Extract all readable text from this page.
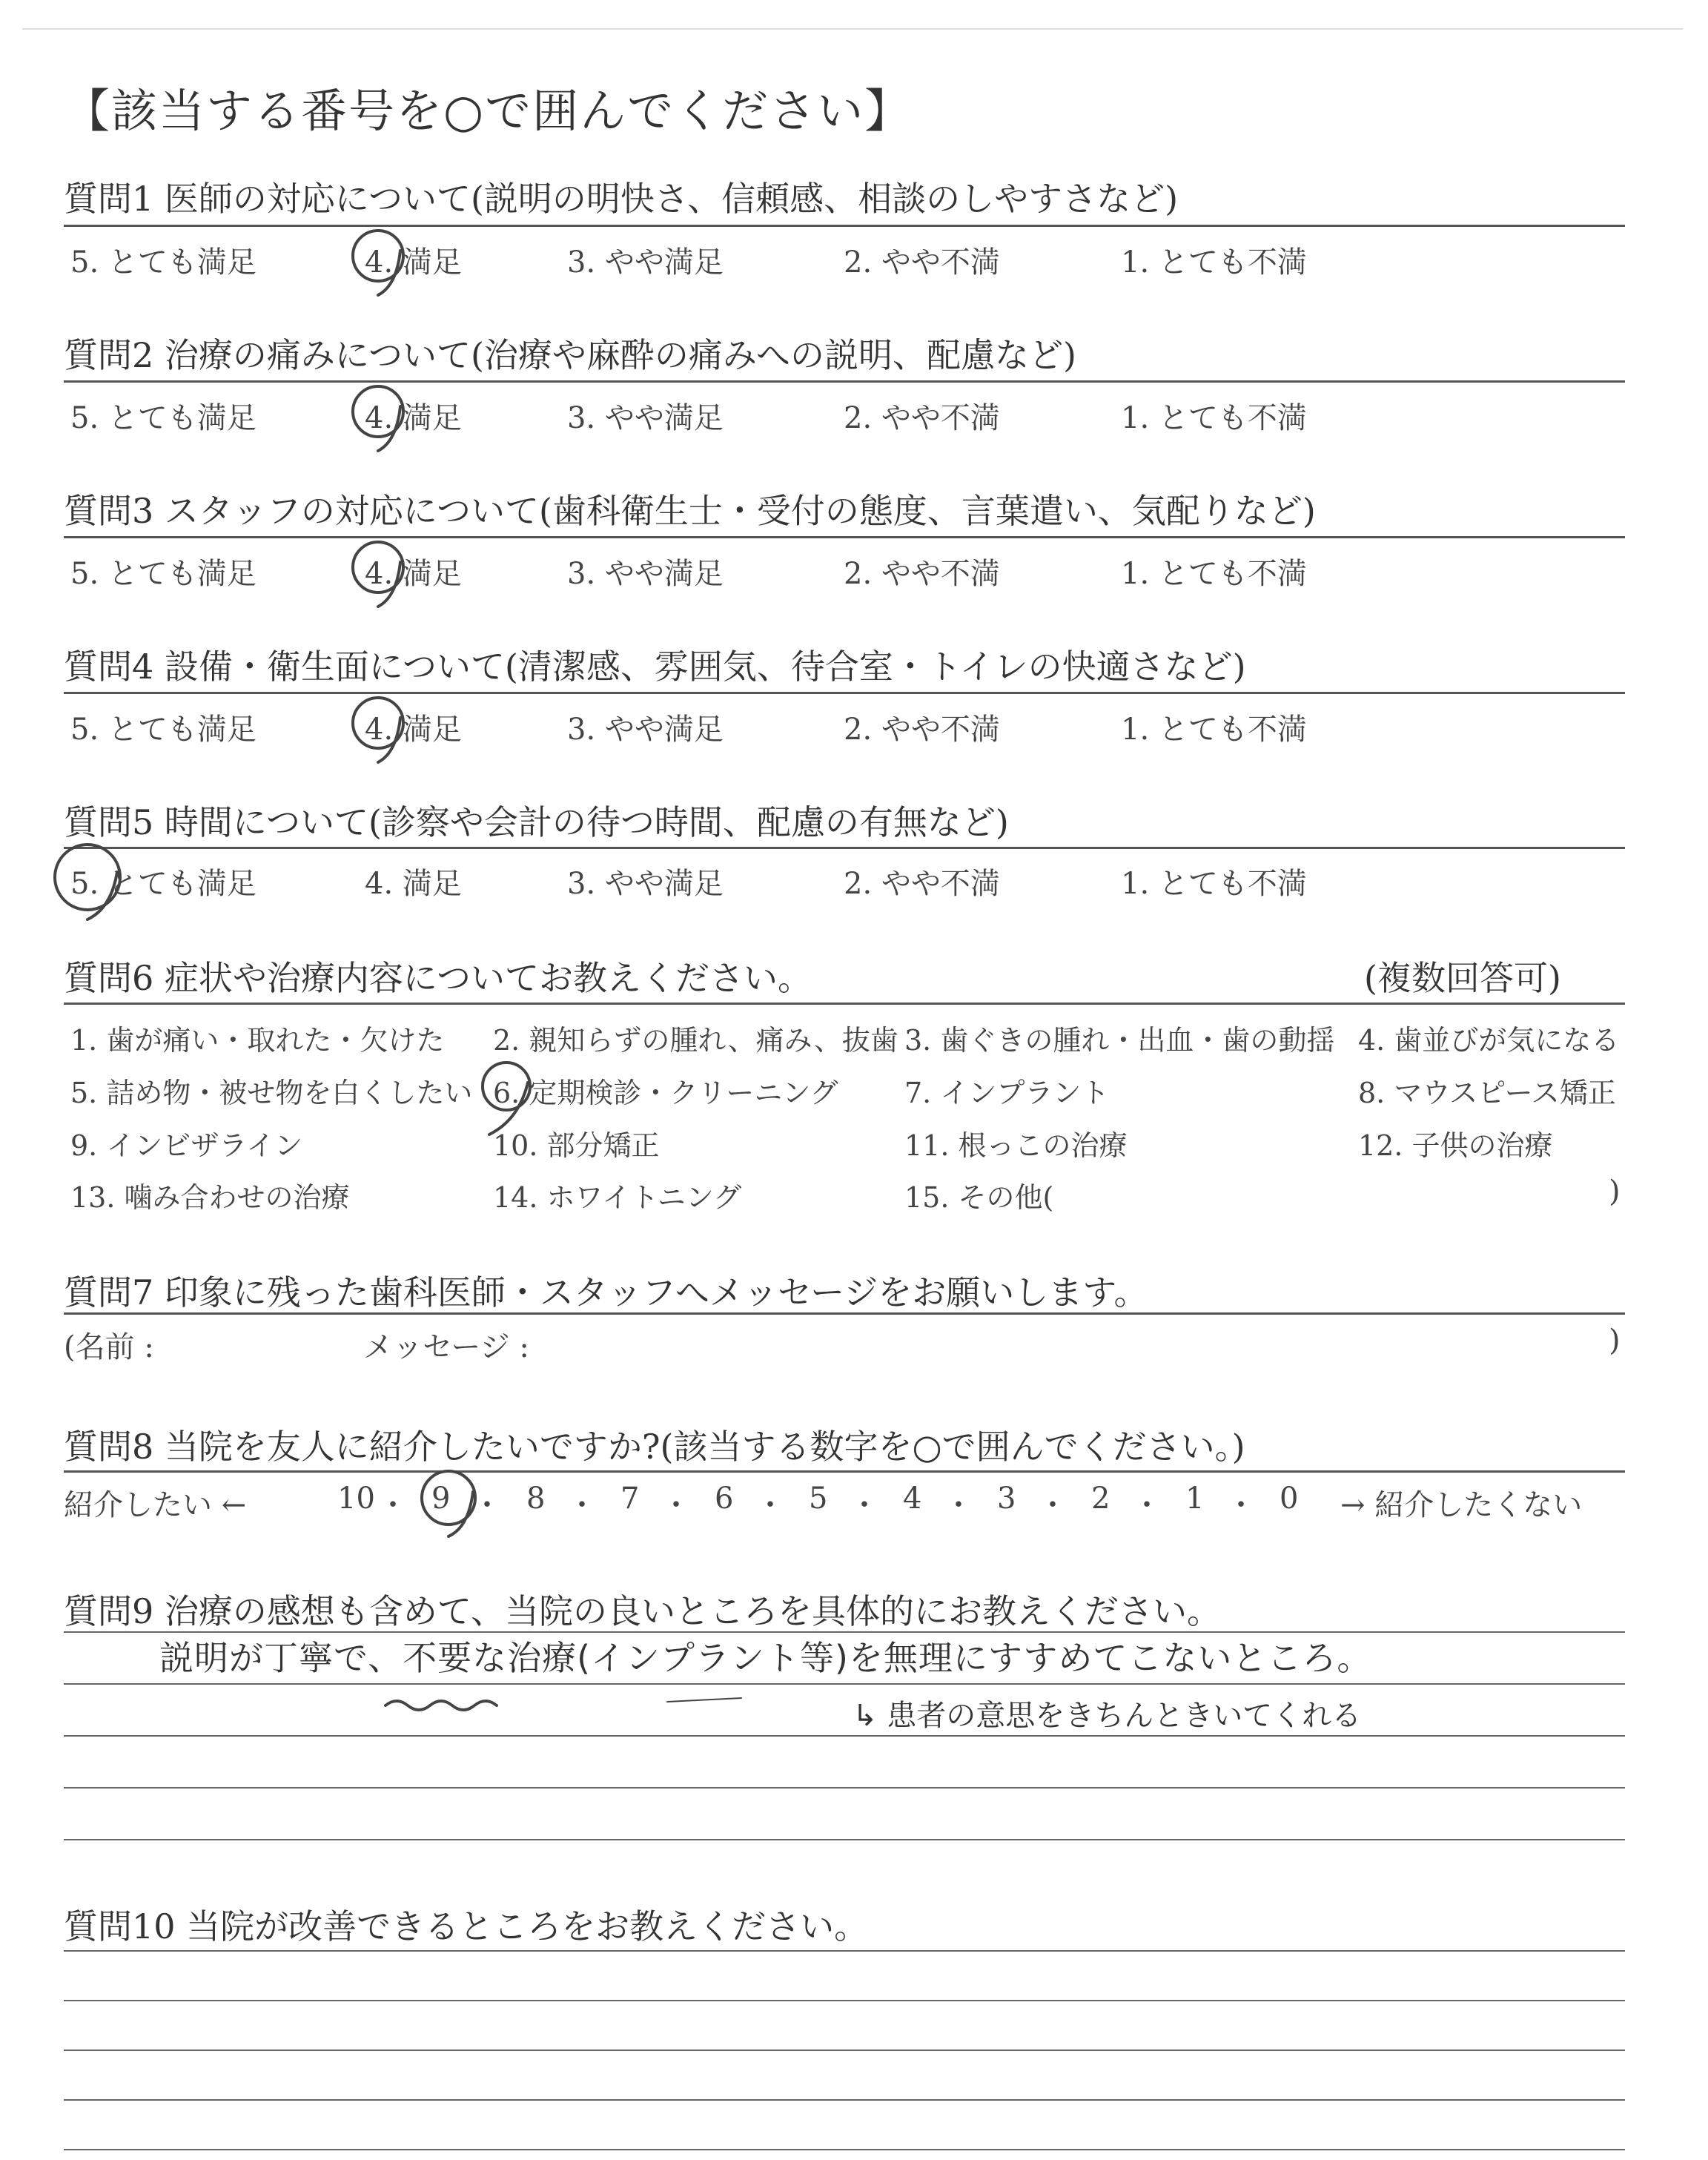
【該当する番号を○で囲んでください】
質問1 医師の対応について(説明の明快さ、信頼感、相談のしやすさなど)
5. とても満足	4. 満足	3. やや満足	2. やや不満	1. とても不満
質問2 治療の痛みについて(治療や麻酔の痛みへの説明、配慮など)
5. とても満足	4. 満足	3. やや満足	2. やや不満	1. とても不満
質問3 スタッフの対応について(歯科衛生士・受付の態度、言葉遣い、気配りなど)
5. とても満足	4. 満足	3. やや満足	2. やや不満	1. とても不満
質問4 設備・衛生面について(清潔感、雰囲気、待合室・トイレの快適さなど)
5. とても満足	4. 満足	3. やや満足	2. やや不満	1. とても不満
質問5 時間について(診察や会計の待つ時間、配慮の有無など)
5. とても満足	4. 満足	3. やや満足	2. やや不満	1. とても不満
質問6 症状や治療内容についてお教えください。	(複数回答可)
1. 歯が痛い・取れた・欠けた 2. 親知らずの腫れ、痛み、抜歯 3. 歯ぐきの腫れ・出血・歯の動揺 4. 歯並びが気になる
5. 詰め物・被せ物を白くしたい 6. 定期検診・クリーニング 7. インプラント	8. マウスピース矯正
9. インビザライン	10. 部分矯正	11. 根っこの治療	12. 子供の治療
13. 噛み合わせの治療	14. ホワイトニング	15. その他(	)
質問7 印象に残った歯科医師・スタッフへメッセージをお願いします。
(名前 :	メッセージ :	)
質問8 当院を友人に紹介したいですか?(該当する数字を○で囲んでください。)
紹介したい ←	→ 紹介したくない
10 ・ 9 ・ 8 ・ 7 ・ 6 ・ 5 ・ 4 ・ 3 ・ 2 ・ 1 ・ 0
質問9 治療の感想も含めて、当院の良いところを具体的にお教えください。
説明が丁寧で、不要な治療(インプラント等)を無理にすすめてこないところ。
↳ 患者の意思をきちんときいてくれる
質問10 当院が改善できるところをお教えください。
